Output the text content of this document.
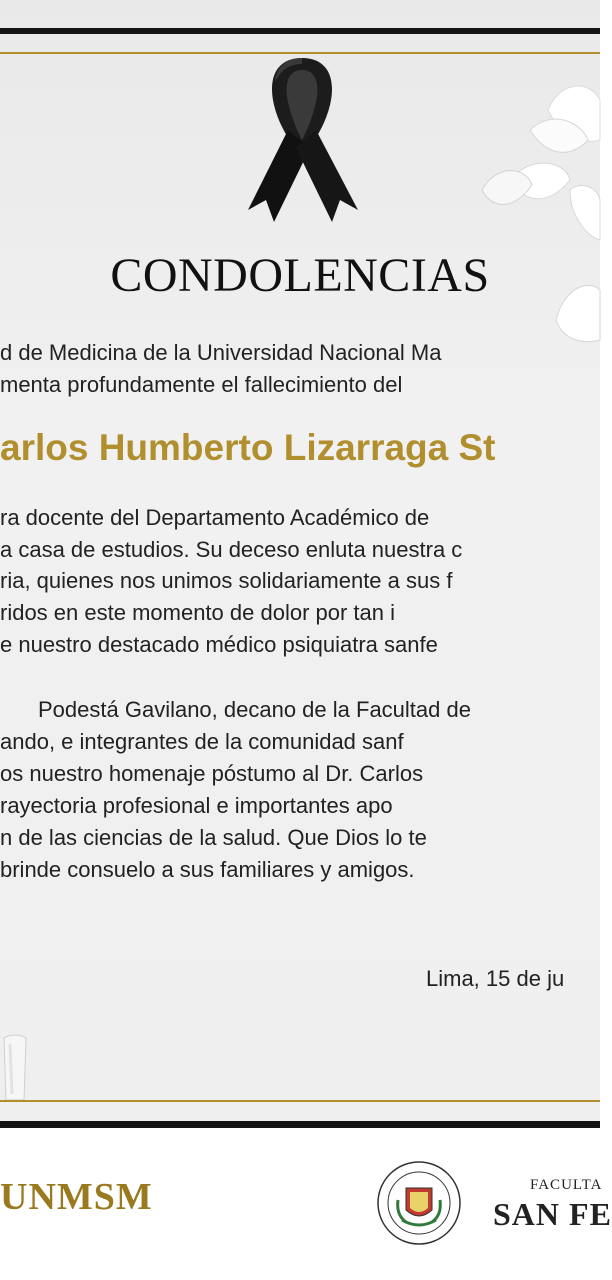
CONDOLENCIAS
d de Medicina de la Universidad Nacional Ma
menta profundamente el fallecimiento del
arlos Humberto Lizarraga St
ra docente del Departamento Académico de
a casa de estudios. Su deceso enluta nuestra c
ria, quienes nos unimos solidariamente a sus f
ridos en este momento de dolor por tan i
e nuestro destacado médico psiquiatra sanfe
Podestá Gavilano, decano de la Facultad de
ando, e integrantes de la comunidad sanf
os nuestro homenaje póstumo al Dr. Carlos
rayectoria profesional e importantes apo
n de las ciencias de la salud. Que Dios lo te
brinde consuelo a sus familiares y amigos.
Lima, 15 de ju
UNMSM	FACULTA
SAN FE
